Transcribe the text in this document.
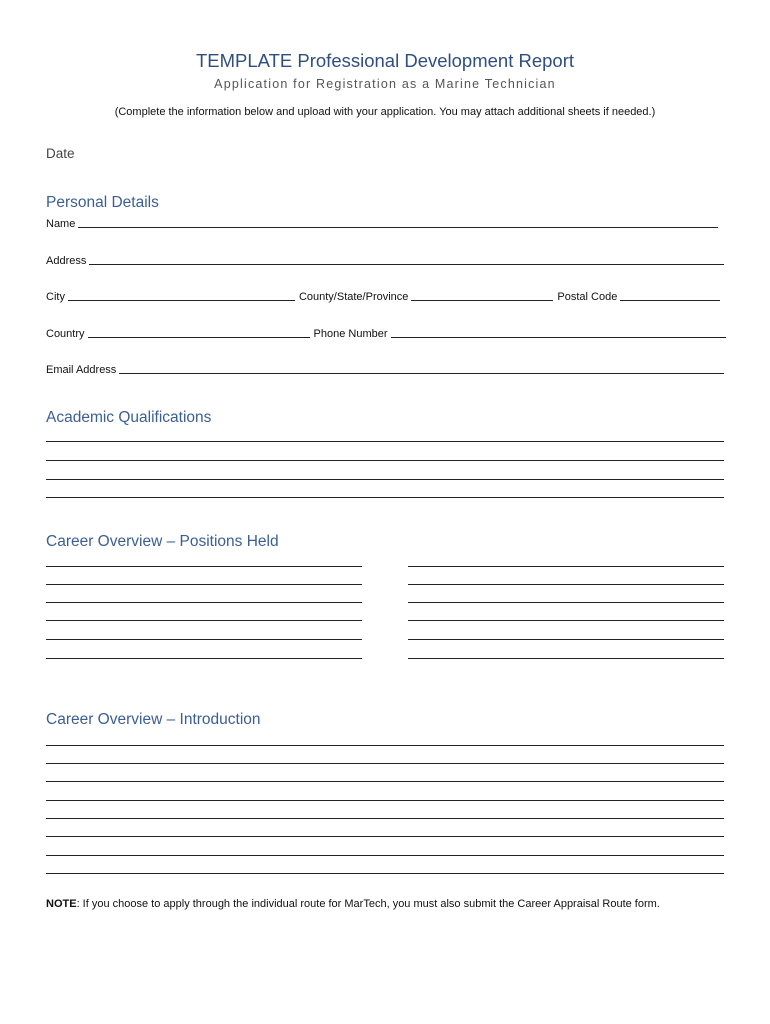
TEMPLATE Professional Development Report
Application for Registration as a Marine Technician
(Complete the information below and upload with your application. You may attach additional sheets if needed.)
Date
Personal Details
Name
Address
City	County/State/Province	Postal Code
Country	Phone Number
Email Address
Academic Qualifications
Career Overview – Positions Held
Career Overview – Introduction
NOTE: If you choose to apply through the individual route for MarTech, you must also submit the Career Appraisal Route form.
